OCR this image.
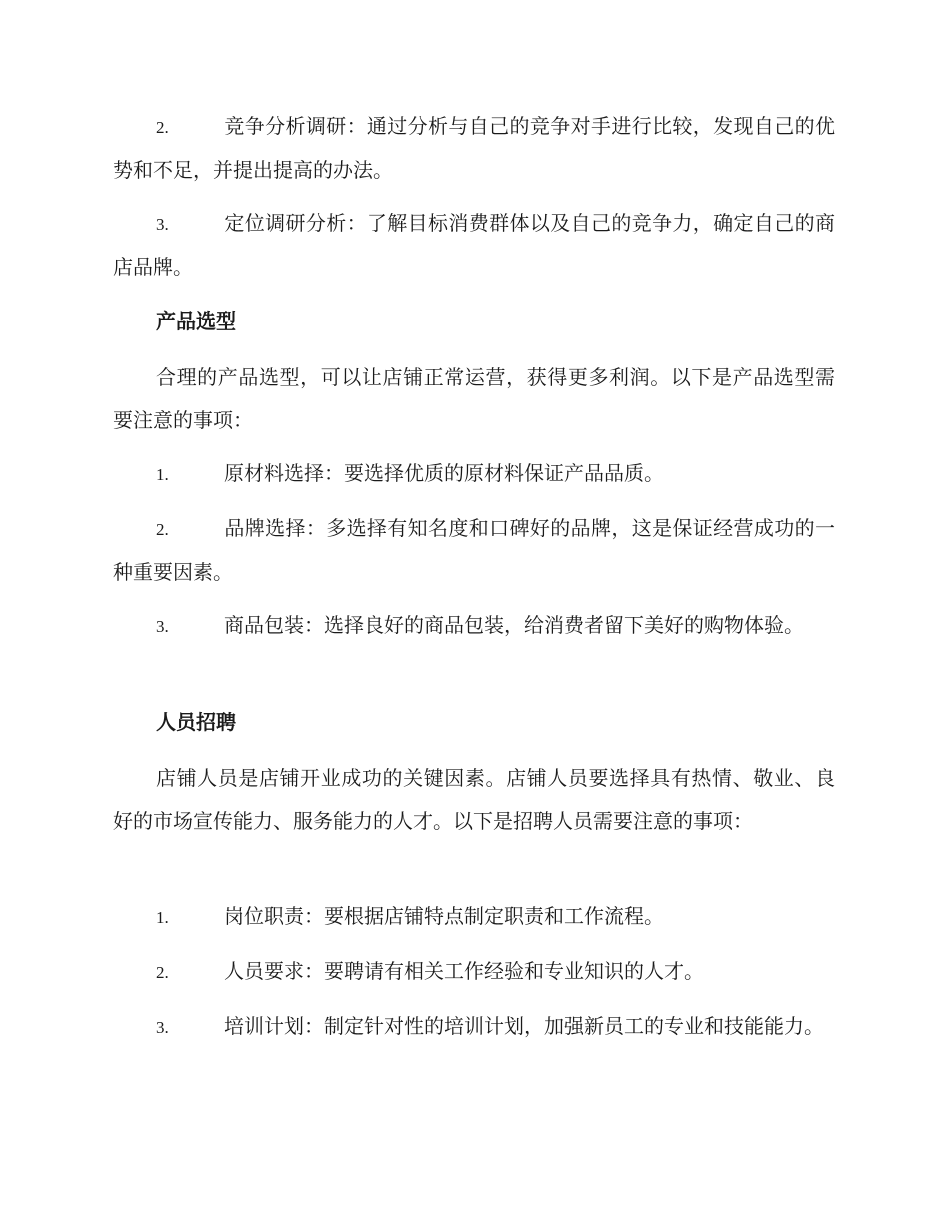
2.	竞争分析调研：通过分析与自己的竞争对手进行比较，发现自己的优势和不足，并提出提高的办法。
3.	定位调研分析：了解目标消费群体以及自己的竞争力，确定自己的商店品牌。
产品选型
合理的产品选型，可以让店铺正常运营，获得更多利润。以下是产品选型需要注意的事项：
1.	原材料选择：要选择优质的原材料保证产品品质。
2.	品牌选择：多选择有知名度和口碑好的品牌，这是保证经营成功的一种重要因素。
3.	商品包装：选择良好的商品包装，给消费者留下美好的购物体验。
人员招聘
店铺人员是店铺开业成功的关键因素。店铺人员要选择具有热情、敬业、良好的市场宣传能力、服务能力的人才。以下是招聘人员需要注意的事项：
1.	岗位职责：要根据店铺特点制定职责和工作流程。
2.	人员要求：要聘请有相关工作经验和专业知识的人才。
3.	培训计划：制定针对性的培训计划，加强新员工的专业和技能能力。
